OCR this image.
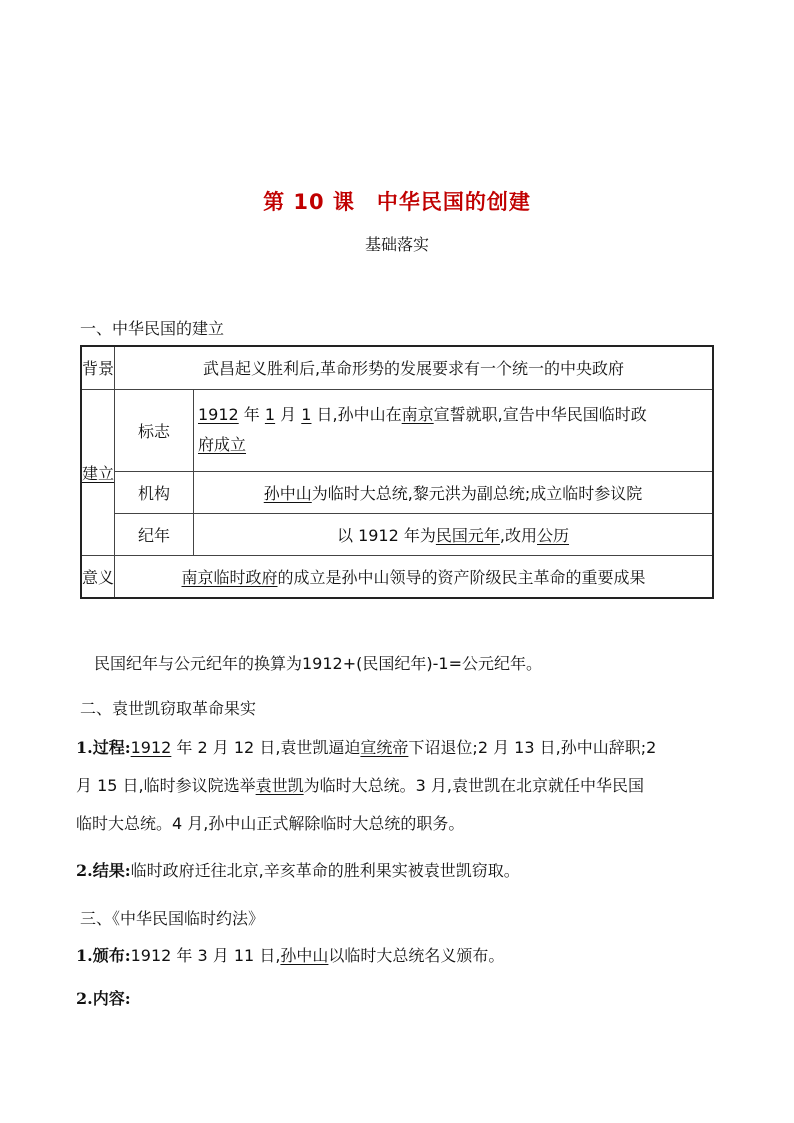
第 10 课　中华民国的创建
基础落实
一、中华民国的建立
背景	武昌起义胜利后,革命形势的发展要求有一个统一的中央政府	
建立	标志	1912 年 1 月 1 日,孙中山在南京宣誓就职,宣告中华民国临时政
府成立
	机构	孙中山为临时大总统,黎元洪为副总统;成立临时参议院
	纪年	以 1912 年为民国元年,改用公历
意义	南京临时政府的成立是孙中山领导的资产阶级民主革命的重要成果	
民国纪年与公元纪年的换算为1912+(民国纪年)-1=公元纪年。
二、袁世凯窃取革命果实
1.过程:1912 年 2 月 12 日,袁世凯逼迫宣统帝下诏退位;2 月 13 日,孙中山辞职;2
月 15 日,临时参议院选举袁世凯为临时大总统。3 月,袁世凯在北京就任中华民国
临时大总统。4 月,孙中山正式解除临时大总统的职务。
2.结果:临时政府迁往北京,辛亥革命的胜利果实被袁世凯窃取。
三、《中华民国临时约法》
1.颁布:1912 年 3 月 11 日,孙中山以临时大总统名义颁布。
2.内容:
